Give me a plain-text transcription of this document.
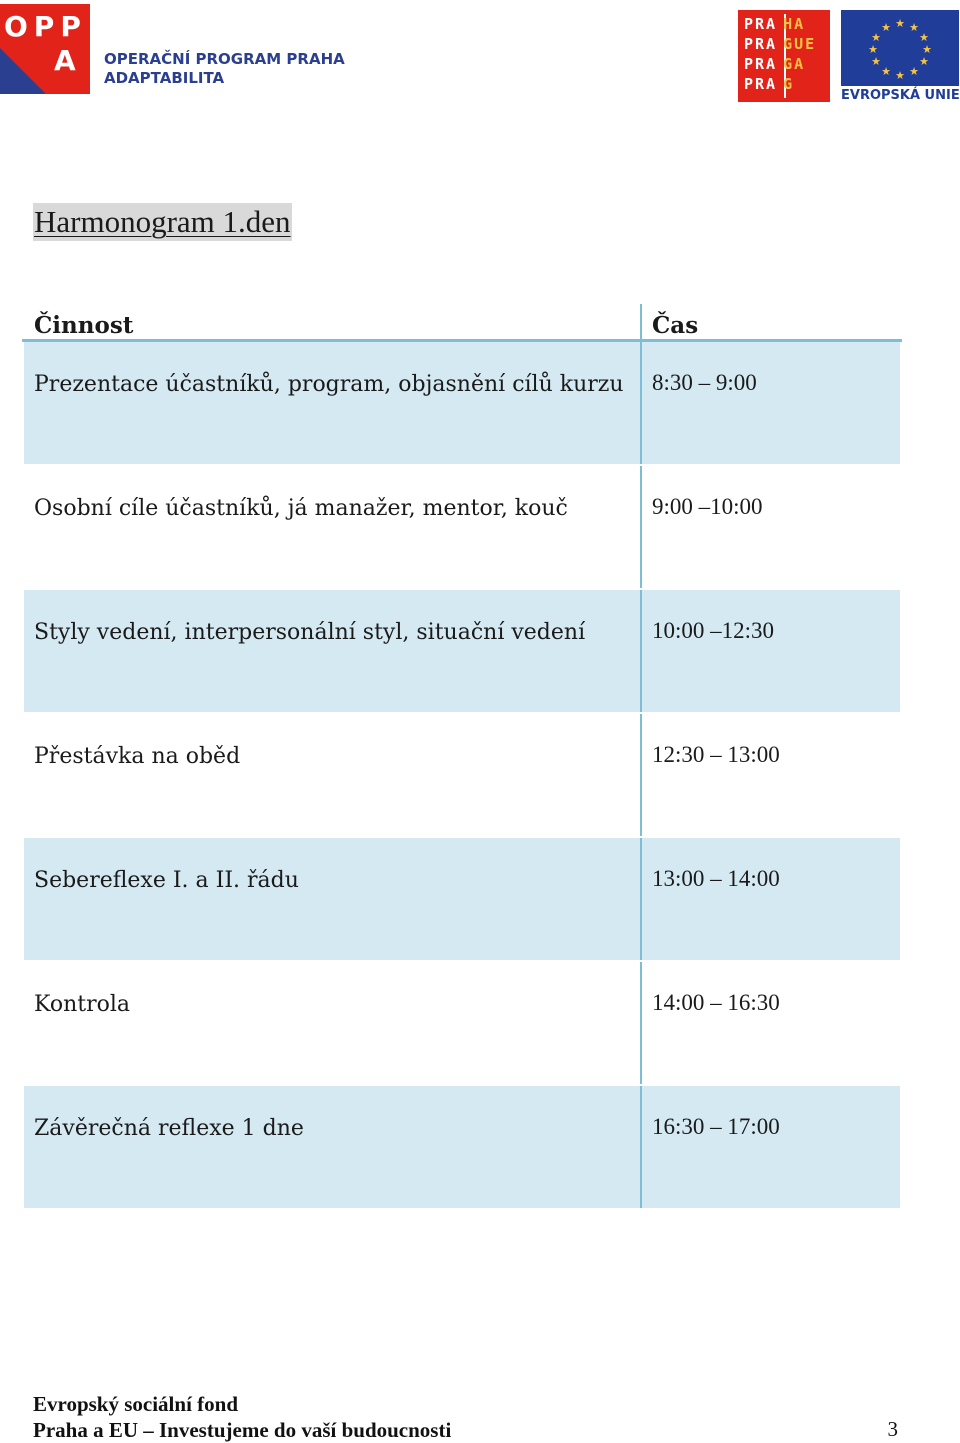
OPP
A	OPERAČNÍ PROGRAM PRAHA
ADAPTABILITA
PRA HA
PRA GUE
PRA GA
PRA G
★ ★
★
★
★
★
★
★
★
★
★
★
EVROPSKÁ UNIE
Harmonogram 1.den
Činnost	Čas
Prezentace účastníků, program, objasnění cílů kurzu	8:30 – 9:00
Osobní cíle účastníků, já manažer, mentor, kouč	9:00 –10:00
Styly vedení, interpersonální styl, situační vedení	10:00 –12:30
Přestávka na oběd	12:30 – 13:00
Sebereflexe I. a II. řádu	13:00 – 14:00
Kontrola	14:00 – 16:30
Závěrečná reflexe 1 dne	16:30 – 17:00
Evropský sociální fond
Praha a EU – Investujeme do vaší budoucnosti	3
